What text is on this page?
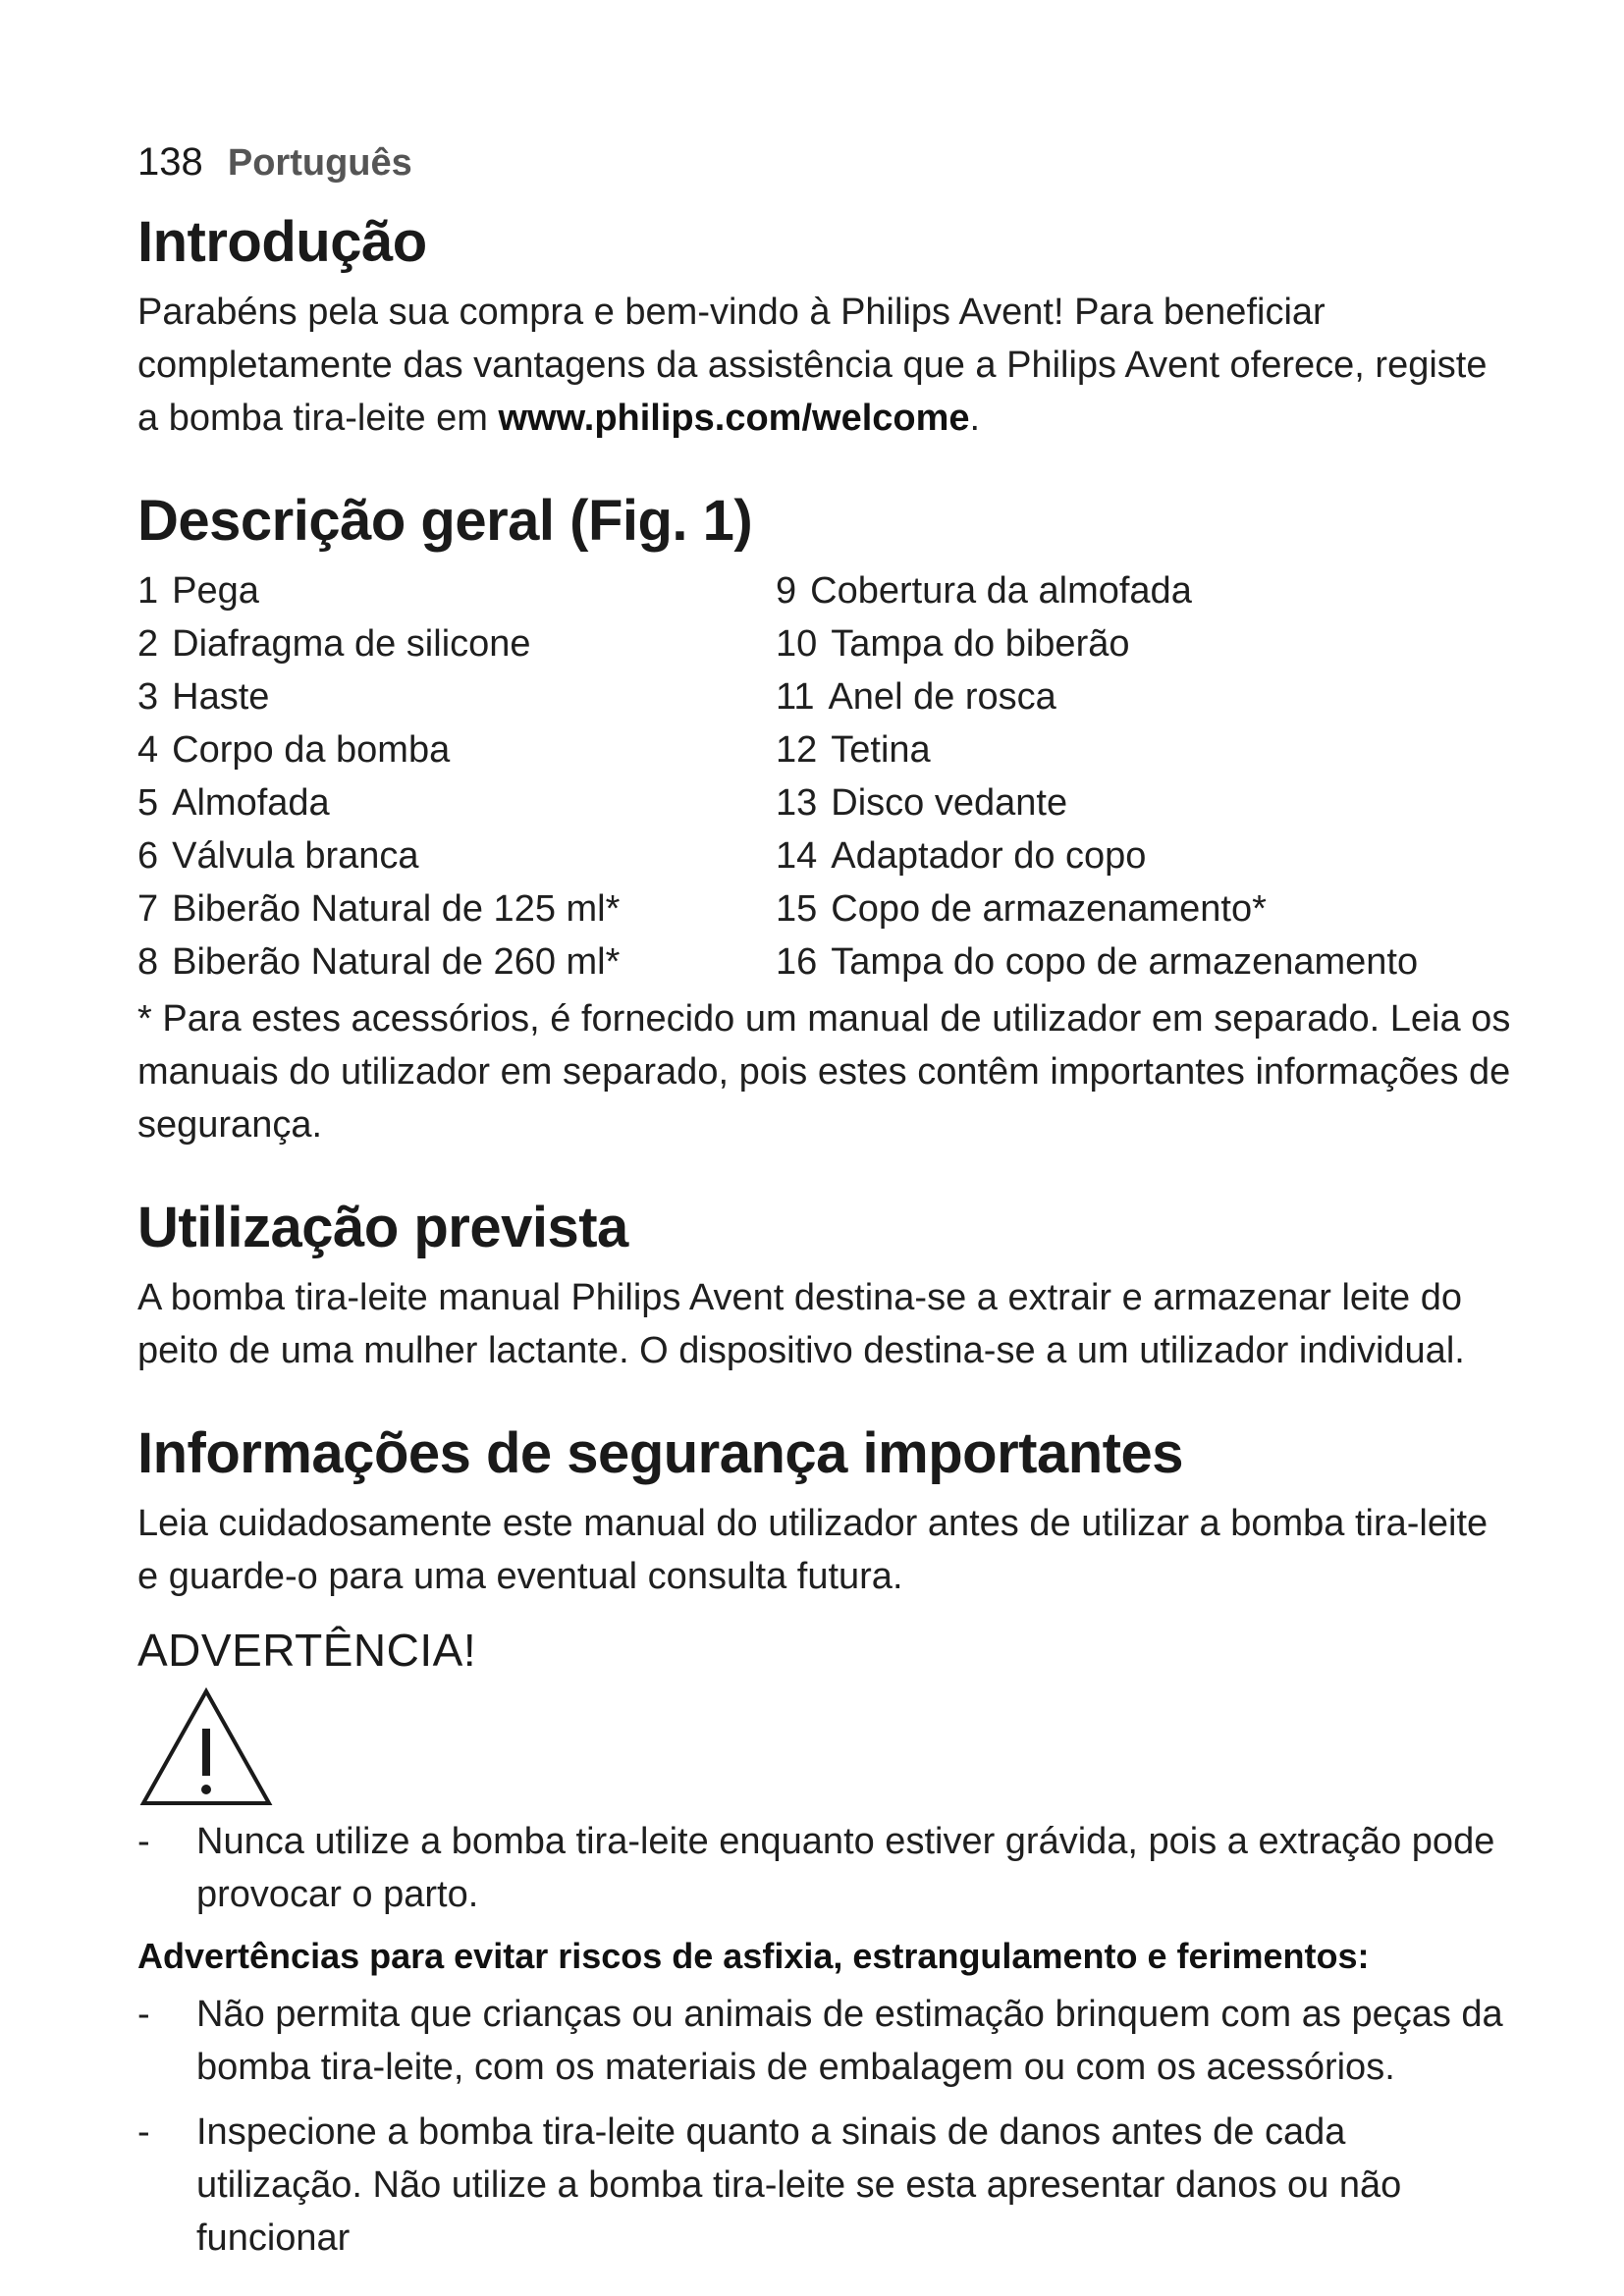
138 Português
Introdução

Parabéns pela sua compra e bem-vindo à Philips Avent! Para beneficiar completamente das vantagens da assistência que a Philips Avent oferece, registe a bomba tira-leite em www.philips.com/welcome.

Descrição geral (Fig. 1)
1 Pega
2 Diafragma de silicone
3 Haste
4 Corpo da bomba
5 Almofada
6 Válvula branca
7 Biberão Natural de 125 ml*
8 Biberão Natural de 260 ml*
9 Cobertura da almofada
10 Tampa do biberão
11 Anel de rosca
12 Tetina
13 Disco vedante
14 Adaptador do copo
15 Copo de armazenamento*
16 Tampa do copo de armazenamento

* Para estes acessórios, é fornecido um manual de utilizador em separado. Leia os manuais do utilizador em separado, pois estes contêm importantes informações de segurança.

Utilização prevista

A bomba tira-leite manual Philips Avent destina-se a extrair e armazenar leite do peito de uma mulher lactante. O dispositivo destina-se a um utilizador individual.

Informações de segurança importantes

Leia cuidadosamente este manual do utilizador antes de utilizar a bomba tira-leite e guarde-o para uma eventual consulta futura.

ADVERTÊNCIA!
-	Nunca utilize a bomba tira-leite enquanto estiver grávida, pois a extração pode provocar o parto.
Advertências para evitar riscos de asfixia, estrangulamento e ferimentos:
-	Não permita que crianças ou animais de estimação brinquem com as peças da bomba tira-leite, com os materiais de embalagem ou com os acessórios.
-	Inspecione a bomba tira-leite quanto a sinais de danos antes de cada utilização. Não utilize a bomba tira-leite se esta apresentar danos ou não funcionar
